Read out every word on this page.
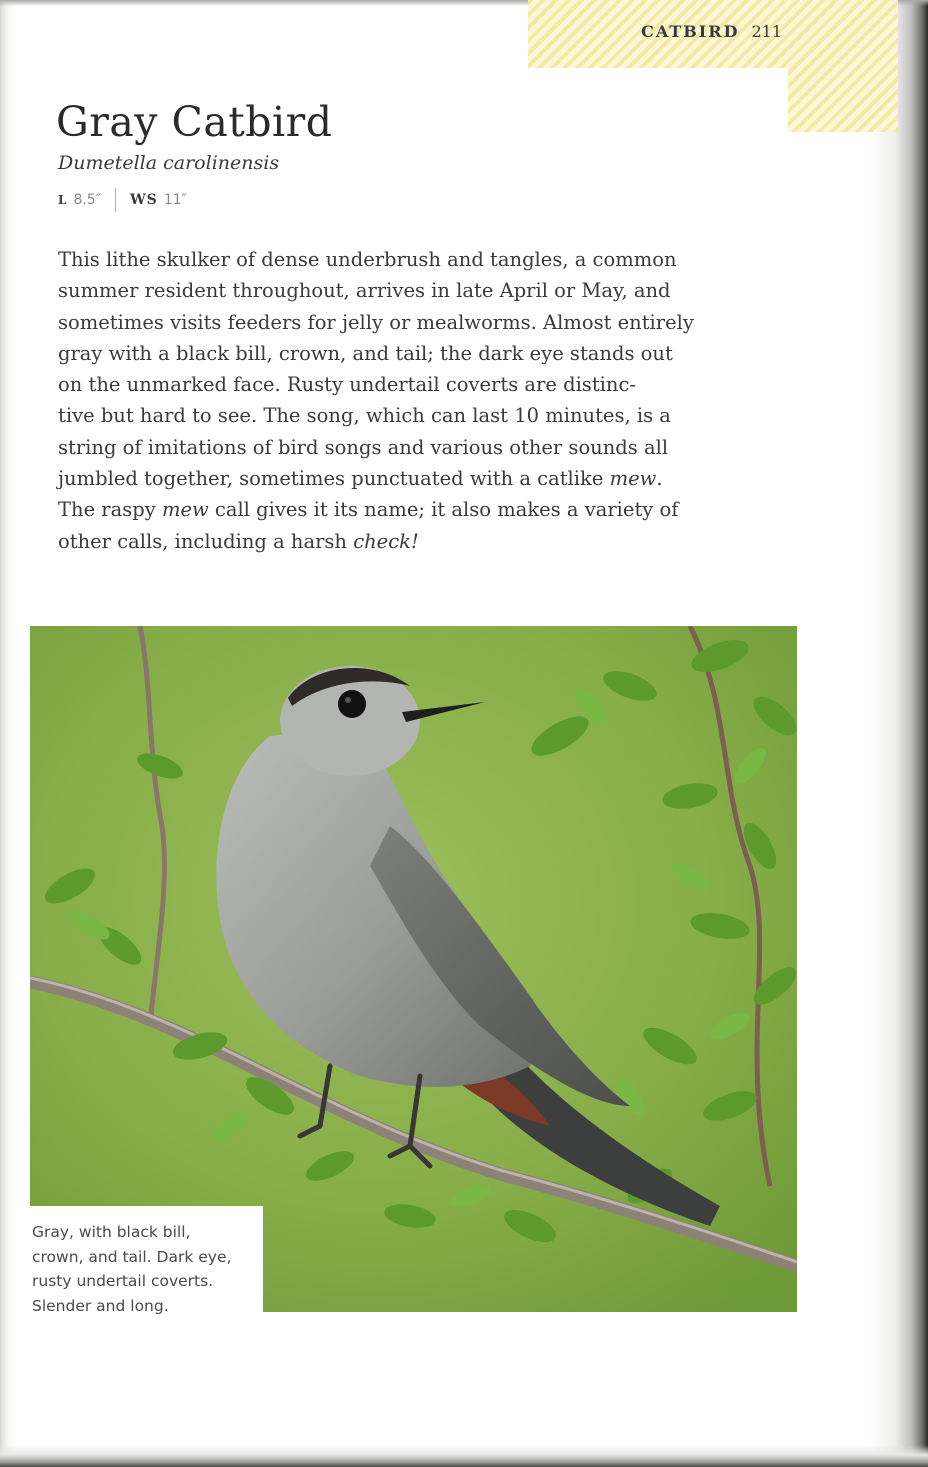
CATBIRD 211
Gray Catbird
Dumetella carolinensis
L 8.5″ WS 11″

This lithe skulker of dense underbrush and tangles, a common
summer resident throughout, arrives in late April or May, and
sometimes visits feeders for jelly or mealworms. Almost entirely
gray with a black bill, crown, and tail; the dark eye stands out
on the unmarked face. Rusty undertail coverts are distinc-
tive but hard to see. The song, which can last 10 minutes, is a
string of imitations of bird songs and various other sounds all
jumbled together, sometimes punctuated with a catlike mew.
The raspy mew call gives it its name; it also makes a variety of
other calls, including a harsh check!

Gray, with black bill,
crown, and tail. Dark eye,
rusty undertail coverts.
Slender and long.
